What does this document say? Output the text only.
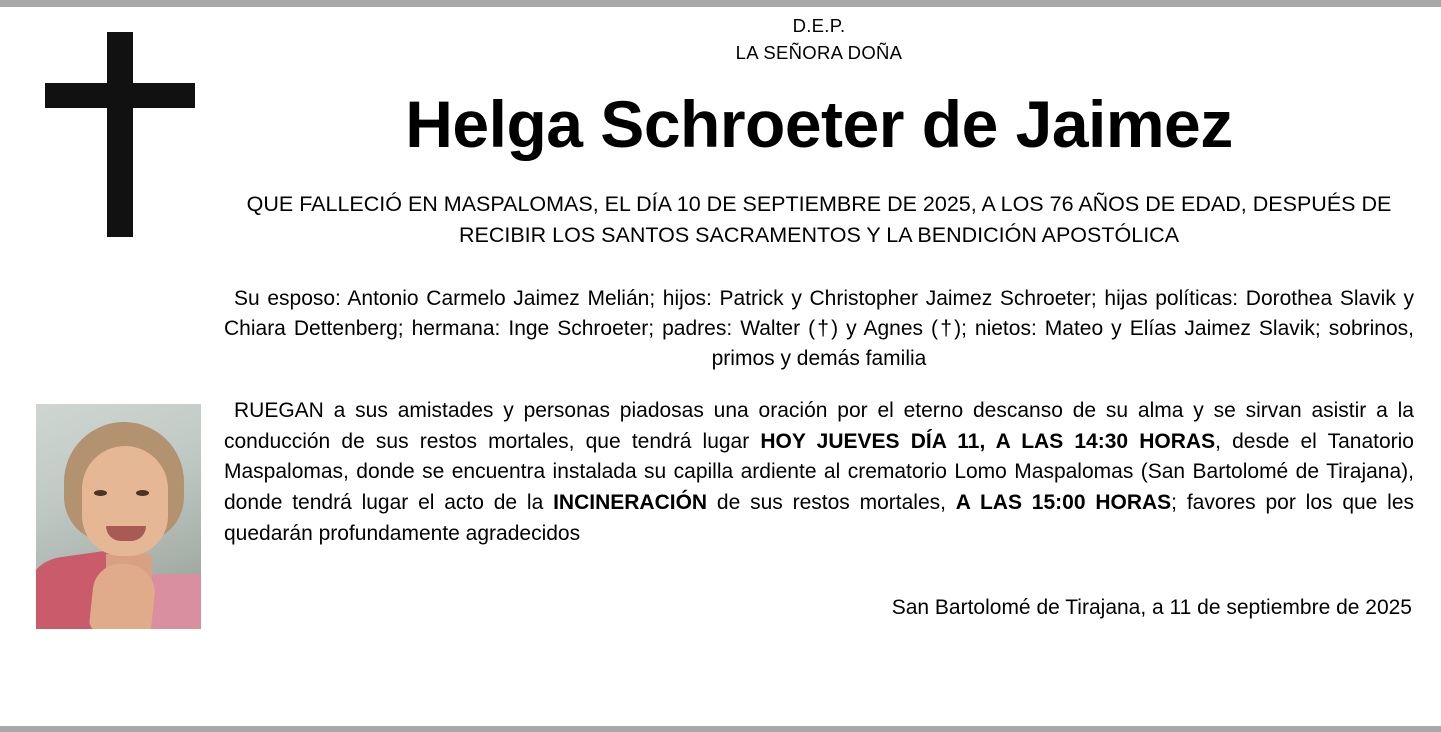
D.E.P.
LA SEÑORA DOÑA
Helga Schroeter de Jaimez
QUE FALLECIÓ EN MASPALOMAS, EL DÍA 10 DE SEPTIEMBRE DE 2025, A LOS 76 AÑOS DE EDAD, DESPUÉS DE RECIBIR LOS SANTOS SACRAMENTOS Y LA BENDICIÓN APOSTÓLICA
Su esposo: Antonio Carmelo Jaimez Melián; hijos: Patrick y Christopher Jaimez Schroeter; hijas políticas: Dorothea Slavik y Chiara Dettenberg; hermana: Inge Schroeter; padres: Walter (†) y Agnes (†); nietos: Mateo y Elías Jaimez Slavik; sobrinos, primos y demás familia
RUEGAN a sus amistades y personas piadosas una oración por el eterno descanso de su alma y se sirvan asistir a la conducción de sus restos mortales, que tendrá lugar HOY JUEVES DÍA 11, A LAS 14:30 HORAS, desde el Tanatorio Maspalomas, donde se encuentra instalada su capilla ardiente al crematorio Lomo Maspalomas (San Bartolomé de Tirajana), donde tendrá lugar el acto de la INCINERACIÓN de sus restos mortales, A LAS 15:00 HORAS; favores por los que les quedarán profundamente agradecidos
San Bartolomé de Tirajana, a 11 de septiembre de 2025
